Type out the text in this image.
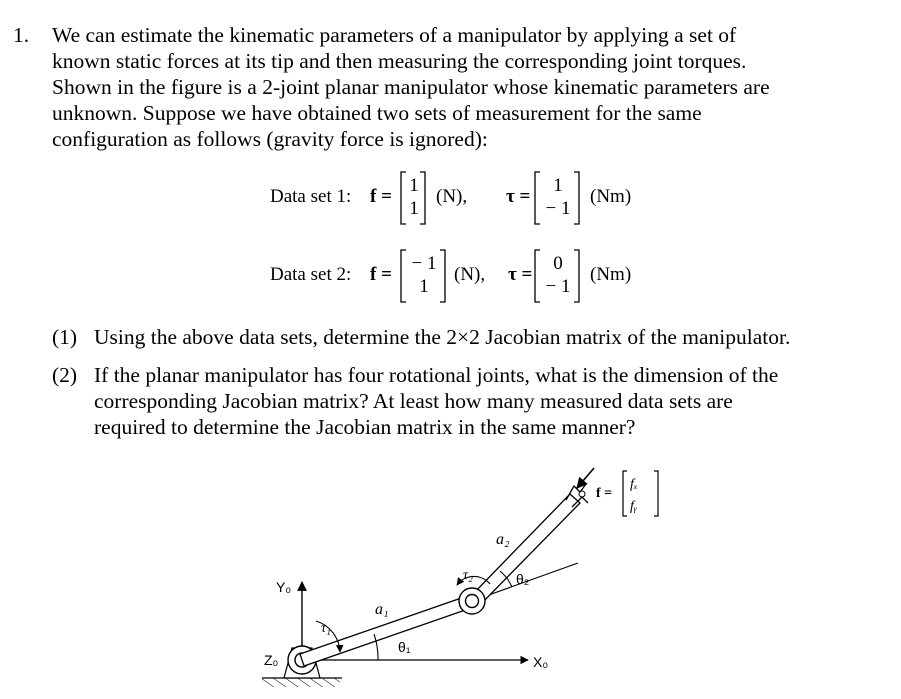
1. We can estimate the kinematic parameters of a manipulator by applying a set of
known static forces at its tip and then measuring the corresponding joint torques.
Shown in the figure is a 2-joint planar manipulator whose kinematic parameters are
unknown. Suppose we have obtained two sets of measurement for the same
configuration as follows (gravity force is ignored):
Data set 1: f =
1
1
(N), τ =
1
− 1
(Nm)
Data set 2: f =
− 1
1
(N), τ =
0
− 1
(Nm)
(1) Using the above data sets, determine the 2×2 Jacobian matrix of the manipulator.
(2) If the planar manipulator has four rotational joints, what is the dimension of the
corresponding Jacobian matrix? At least how many measured data sets are
required to determine the Jacobian matrix in the same manner?
Y₀
Z₀	X₀
τ₁
τ₂
a₁
a₂
θ₁
θ₂
f =
fₓ
fᵧ
